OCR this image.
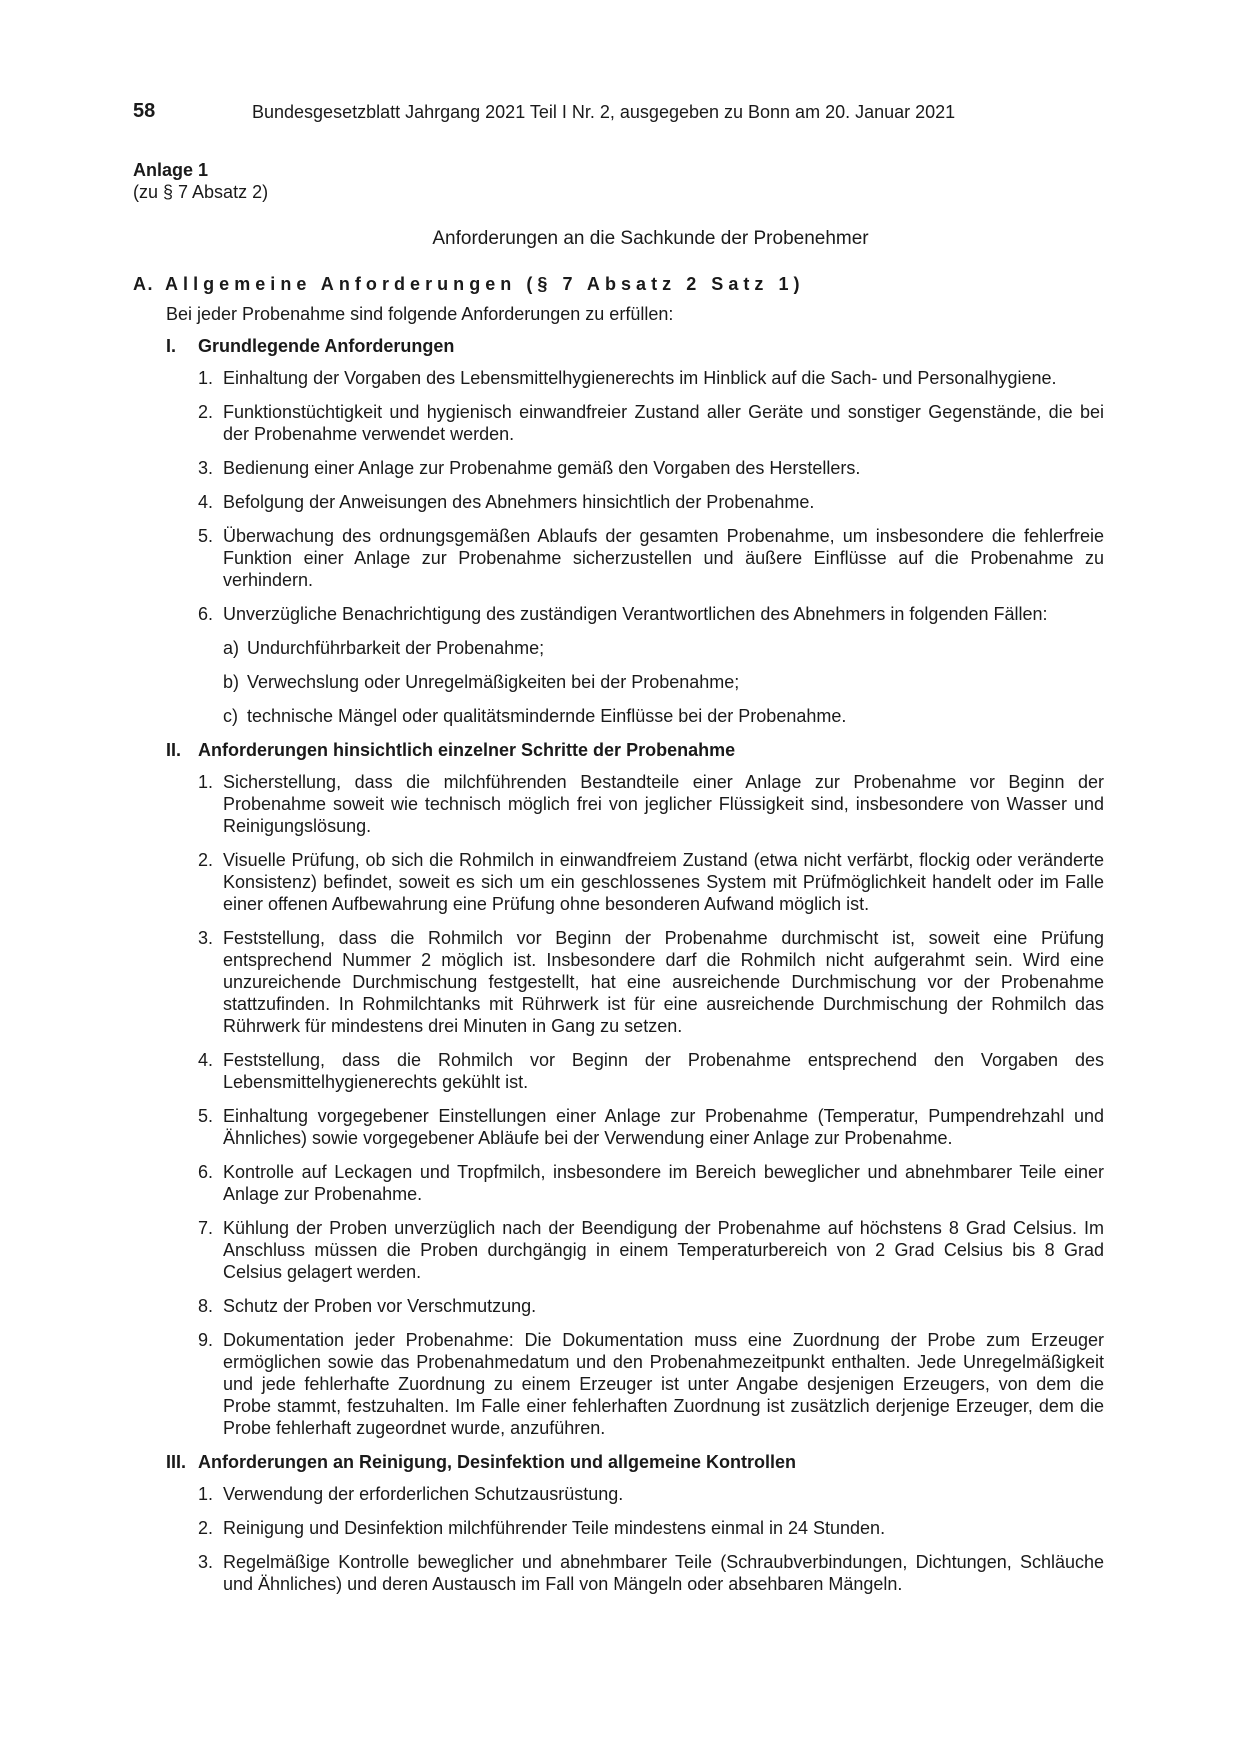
58	Bundesgesetzblatt Jahrgang 2021 Teil I Nr. 2, ausgegeben zu Bonn am 20. Januar 2021
Anlage 1
(zu § 7 Absatz 2)
Anforderungen an die Sachkunde der Probenehmer
A. Allgemeine Anforderungen (§ 7 Absatz 2 Satz 1)
Bei jeder Probenahme sind folgende Anforderungen zu erfüllen:
I.	Grundlegende Anforderungen
1. Einhaltung der Vorgaben des Lebensmittelhygienerechts im Hinblick auf die Sach- und Personalhygiene.
2. Funktionstüchtigkeit und hygienisch einwandfreier Zustand aller Geräte und sonstiger Gegenstände, die bei der Probenahme verwendet werden.
3. Bedienung einer Anlage zur Probenahme gemäß den Vorgaben des Herstellers.
4. Befolgung der Anweisungen des Abnehmers hinsichtlich der Probenahme.
5. Überwachung des ordnungsgemäßen Ablaufs der gesamten Probenahme, um insbesondere die fehlerfreie Funktion einer Anlage zur Probenahme sicherzustellen und äußere Einflüsse auf die Probenahme zu verhindern.
6. Unverzügliche Benachrichtigung des zuständigen Verantwortlichen des Abnehmers in folgenden Fällen:
a) Undurchführbarkeit der Probenahme;
b) Verwechslung oder Unregelmäßigkeiten bei der Probenahme;
c) technische Mängel oder qualitätsmindernde Einflüsse bei der Probenahme.
II. Anforderungen hinsichtlich einzelner Schritte der Probenahme
1. Sicherstellung, dass die milchführenden Bestandteile einer Anlage zur Probenahme vor Beginn der Probenahme soweit wie technisch möglich frei von jeglicher Flüssigkeit sind, insbesondere von Wasser und Reinigungslösung.
2. Visuelle Prüfung, ob sich die Rohmilch in einwandfreiem Zustand (etwa nicht verfärbt, flockig oder veränderte Konsistenz) befindet, soweit es sich um ein geschlossenes System mit Prüfmöglichkeit handelt oder im Falle einer offenen Aufbewahrung eine Prüfung ohne besonderen Aufwand möglich ist.
3. Feststellung, dass die Rohmilch vor Beginn der Probenahme durchmischt ist, soweit eine Prüfung entsprechend Nummer 2 möglich ist. Insbesondere darf die Rohmilch nicht aufgerahmt sein. Wird eine unzureichende Durchmischung festgestellt, hat eine ausreichende Durchmischung vor der Probenahme stattzufinden. In Rohmilchtanks mit Rührwerk ist für eine ausreichende Durchmischung der Rohmilch das Rührwerk für mindestens drei Minuten in Gang zu setzen.
4. Feststellung, dass die Rohmilch vor Beginn der Probenahme entsprechend den Vorgaben des Lebensmittelhygienerechts gekühlt ist.
5. Einhaltung vorgegebener Einstellungen einer Anlage zur Probenahme (Temperatur, Pumpendrehzahl und Ähnliches) sowie vorgegebener Abläufe bei der Verwendung einer Anlage zur Probenahme.
6. Kontrolle auf Leckagen und Tropfmilch, insbesondere im Bereich beweglicher und abnehmbarer Teile einer Anlage zur Probenahme.
7. Kühlung der Proben unverzüglich nach der Beendigung der Probenahme auf höchstens 8 Grad Celsius. Im Anschluss müssen die Proben durchgängig in einem Temperaturbereich von 2 Grad Celsius bis 8 Grad Celsius gelagert werden.
8. Schutz der Proben vor Verschmutzung.
9. Dokumentation jeder Probenahme: Die Dokumentation muss eine Zuordnung der Probe zum Erzeuger ermöglichen sowie das Probenahmedatum und den Probenahmezeitpunkt enthalten. Jede Unregelmäßigkeit und jede fehlerhafte Zuordnung zu einem Erzeuger ist unter Angabe desjenigen Erzeugers, von dem die Probe stammt, festzuhalten. Im Falle einer fehlerhaften Zuordnung ist zusätzlich derjenige Erzeuger, dem die Probe fehlerhaft zugeordnet wurde, anzuführen.
III. Anforderungen an Reinigung, Desinfektion und allgemeine Kontrollen
1. Verwendung der erforderlichen Schutzausrüstung.
2. Reinigung und Desinfektion milchführender Teile mindestens einmal in 24 Stunden.
3. Regelmäßige Kontrolle beweglicher und abnehmbarer Teile (Schraubverbindungen, Dichtungen, Schläuche und Ähnliches) und deren Austausch im Fall von Mängeln oder absehbaren Mängeln.
